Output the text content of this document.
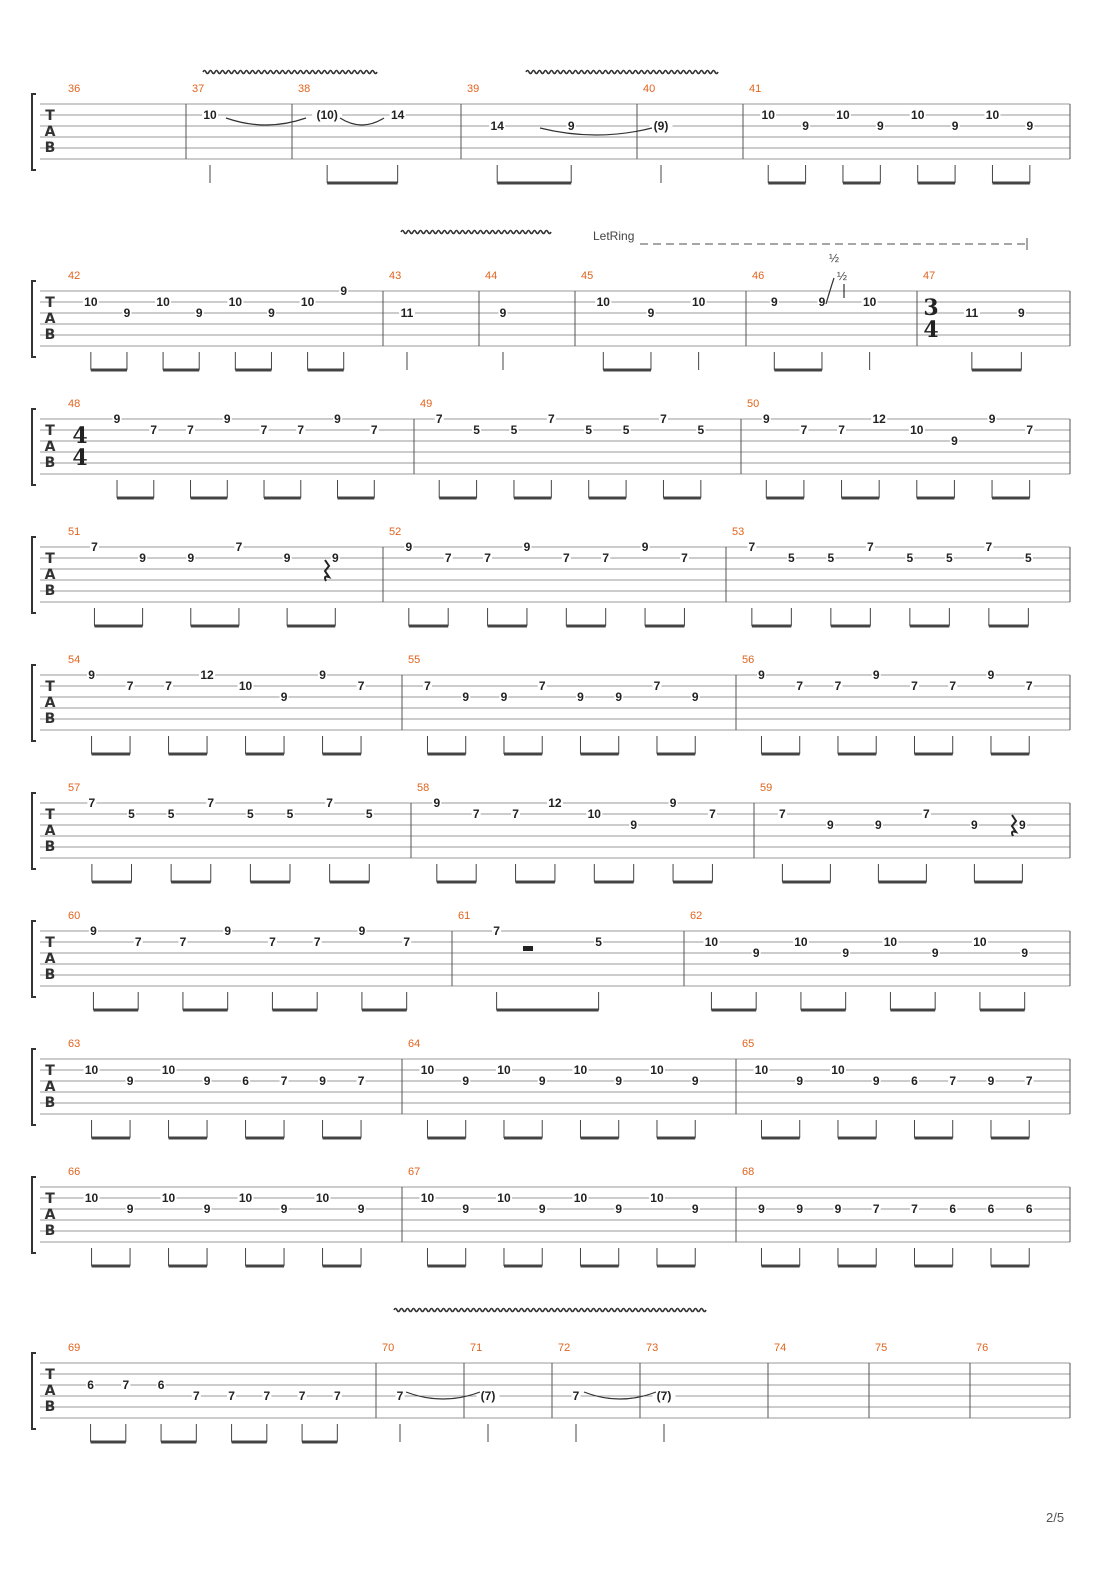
T
A
B
36	37
10
38
(10)	14
39
14	9
40
(9)
41
10
9
10
9
10
9
10
9
T
A
B
42
10
9
10
9
10
9
10
9
43
11
44
9
45
10
9
10
46
9	9	10
47
3
4
11	9
T
A
B
48
4
4
9
7	7
9
7	7
9
7
49
7
5	5
7
5	5
7
5
50
9
7	7
12
10
9
9
7
T
A
B
51
7
9	9
7
9	9
52
9
7	7
9
7	7
9
7
53
7
5	5
7
5	5
7
5
T
A
B
54
9
7	7
12
10
9
9
7
55
7
9	9
7
9	9
7
9
56
9
7	7
9
7	7
9
7
T
A
B
57
7
5	5
7
5	5
7
5
58
9
7	7
12
10
9
9
7
59
7
9	9
7
9	9
T
A
B
60
9
7	7
9
7	7
9
7
61
7
5
62
10
9
10
9
10
9
10
9
T
A
B
63
10
9
10
9	6	7	9	7
64
10
9
10
9
10
9
10
9
65
10
9
10
9	6	7	9	7
T
A
B
66
10
9
10
9
10
9
10
9
67
10
9
10
9
10
9
10
9
68
9	9	9	7	7	6	6	6
T
A
B
69
6 7 6
7 7 7 7 7
70
7
71
(7)
72
7
73
(7)
74	75	76
LetRing
½
½
2/5
